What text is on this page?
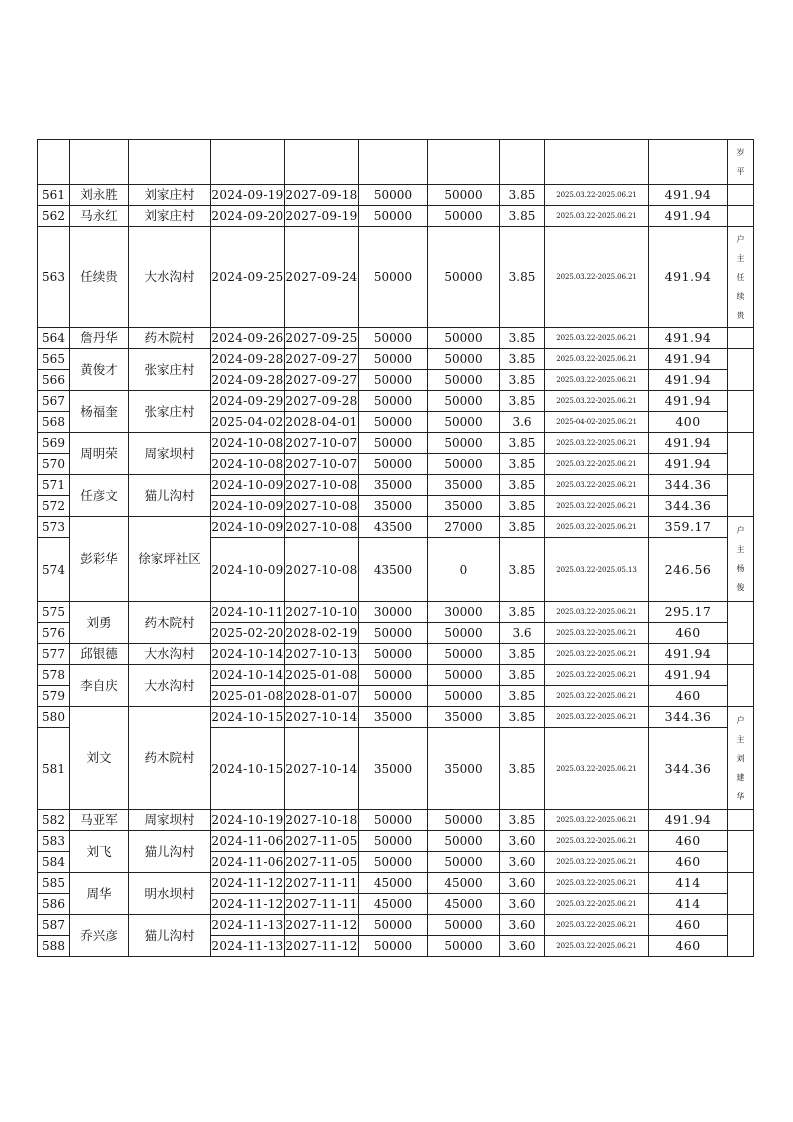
										岁
平

561	刘永胜	刘家庄村	2024-09-19	2027-09-18	50000	50000	3.85	2025.03.22-2025.06.21	491.94	
562	马永红	刘家庄村	2024-09-20	2027-09-19	50000	50000	3.85	2025.03.22-2025.06.21	491.94	
563	任续贵	大水沟村	2024-09-25	2027-09-24	50000	50000	3.85	2025.03.22-2025.06.21	491.94	户
主
任
续
贵

564	詹丹华	药木院村	2024-09-26	2027-09-25	50000	50000	3.85	2025.03.22-2025.06.21	491.94	
565	黄俊才	张家庄村	2024-09-28	2027-09-27	50000	50000	3.85	2025.03.22-2025.06.21	491.94	
566			2024-09-28	2027-09-27	50000	50000	3.85	2025.03.22-2025.06.21	491.94	
567	杨福奎	张家庄村	2024-09-29	2027-09-28	50000	50000	3.85	2025.03.22-2025.06.21	491.94	
568			2025-04-02	2028-04-01	50000	50000	3.6	2025-04-02-2025.06.21	400	
569	周明荣	周家坝村	2024-10-08	2027-10-07	50000	50000	3.85	2025.03.22-2025.06.21	491.94	
570			2024-10-08	2027-10-07	50000	50000	3.85	2025.03.22-2025.06.21	491.94	
571	任彦文	猫儿沟村	2024-10-09	2027-10-08	35000	35000	3.85	2025.03.22-2025.06.21	344.36	
572			2024-10-09	2027-10-08	35000	35000	3.85	2025.03.22-2025.06.21	344.36	
573	彭彩华	徐家坪社区	2024-10-09	2027-10-08	43500	27000	3.85	2025.03.22-2025.06.21	359.17	户
主
杨
俊

574			2024-10-09	2027-10-08	43500	0	3.85	2025.03.22-2025.05.13	246.56	
575	刘勇	药木院村	2024-10-11	2027-10-10	30000	30000	3.85	2025.03.22-2025.06.21	295.17	
576			2025-02-20	2028-02-19	50000	50000	3.6	2025.03.22-2025.06.21	460	
577	邱银德	大水沟村	2024-10-14	2027-10-13	50000	50000	3.85	2025.03.22-2025.06.21	491.94	
578	李自庆	大水沟村	2024-10-14	2025-01-08	50000	50000	3.85	2025.03.22-2025.06.21	491.94	
579			2025-01-08	2028-01-07	50000	50000	3.85	2025.03.22-2025.06.21	460	
580	刘文	药木院村	2024-10-15	2027-10-14	35000	35000	3.85	2025.03.22-2025.06.21	344.36	户
主
刘
建
华

581			2024-10-15	2027-10-14	35000	35000	3.85	2025.03.22-2025.06.21	344.36	
582	马亚军	周家坝村	2024-10-19	2027-10-18	50000	50000	3.85	2025.03.22-2025.06.21	491.94	
583	刘飞	猫儿沟村	2024-11-06	2027-11-05	50000	50000	3.60	2025.03.22-2025.06.21	460	
584			2024-11-06	2027-11-05	50000	50000	3.60	2025.03.22-2025.06.21	460	
585	周华	明水坝村	2024-11-12	2027-11-11	45000	45000	3.60	2025.03.22-2025.06.21	414	
586			2024-11-12	2027-11-11	45000	45000	3.60	2025.03.22-2025.06.21	414	
587	乔兴彦	猫儿沟村	2024-11-13	2027-11-12	50000	50000	3.60	2025.03.22-2025.06.21	460	
588			2024-11-13	2027-11-12	50000	50000	3.60	2025.03.22-2025.06.21	460	
